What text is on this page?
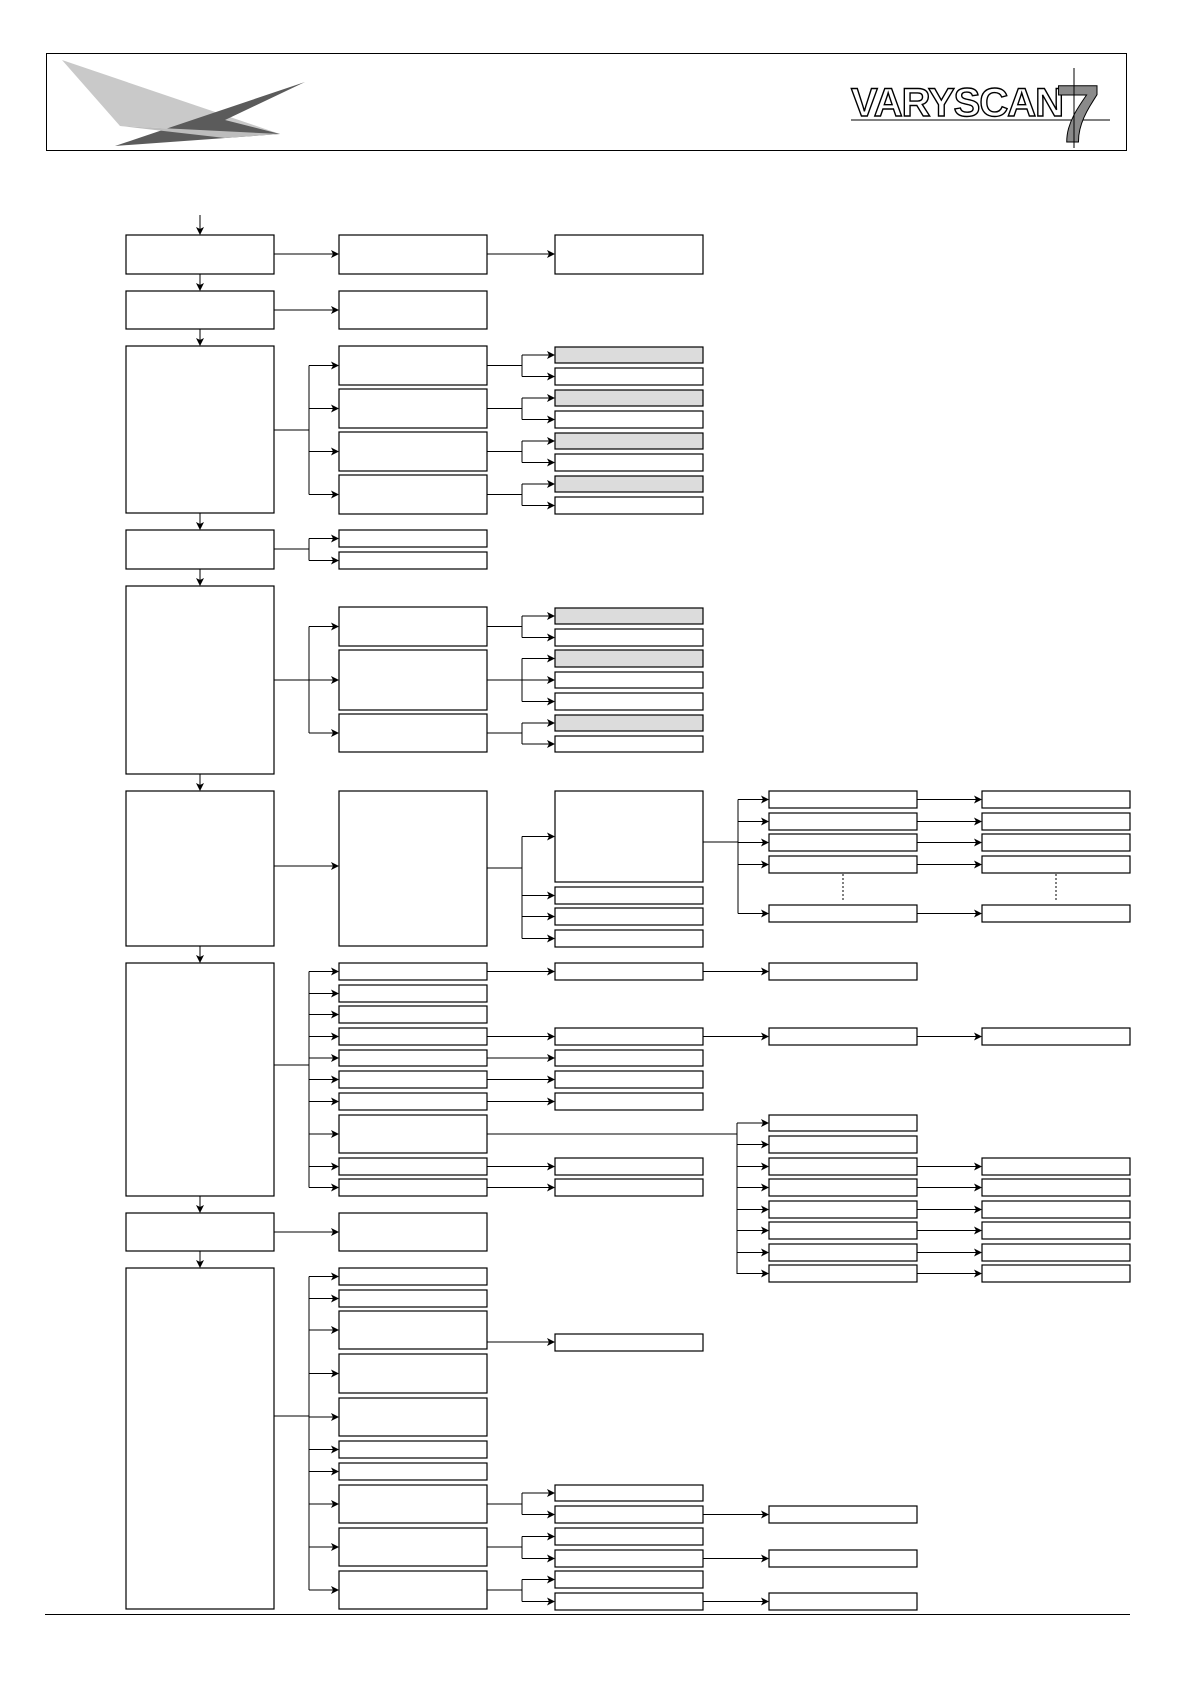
VARYSCAN
7
